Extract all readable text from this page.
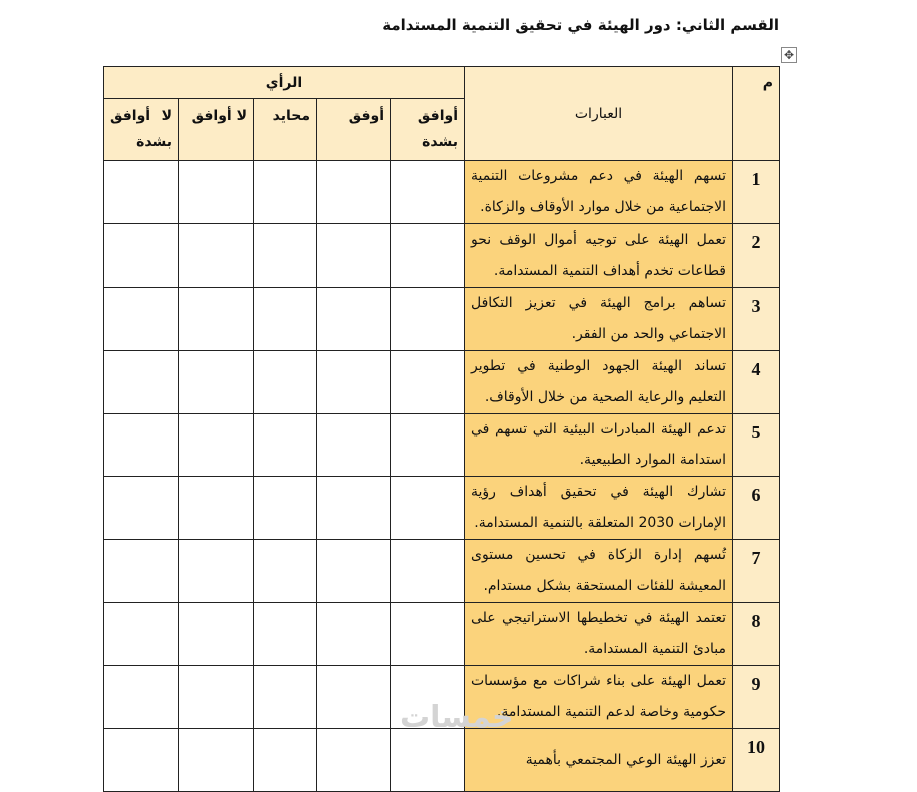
القسم الثاني: دور الهيئة في تحقيق التنمية المستدامة
✥
م	العبارات	الرأي				
		أوافق بشدة	أوفق	محايد	لا أوافق	لا أوافق بشدة
1	تسهم الهيئة في دعم مشروعات التنمية الاجتماعية من خلال موارد الأوقاف والزكاة.					
2	تعمل الهيئة على توجيه أموال الوقف نحو قطاعات تخدم أهداف التنمية المستدامة.					
3	تساهم برامج الهيئة في تعزيز التكافل الاجتماعي والحد من الفقر.					
4	تساند الهيئة الجهود الوطنية في تطوير التعليم والرعاية الصحية من خلال الأوقاف.					
5	تدعم الهيئة المبادرات البيئية التي تسهم في استدامة الموارد الطبيعية.					
6	تشارك الهيئة في تحقيق أهداف رؤية الإمارات 2030 المتعلقة بالتنمية المستدامة.					
7	تُسهم إدارة الزكاة في تحسين مستوى المعيشة للفئات المستحقة بشكل مستدام.					
8	تعتمد الهيئة في تخطيطها الاستراتيجي على مبادئ التنمية المستدامة.					
9	تعمل الهيئة على بناء شراكات مع مؤسسات حكومية وخاصة لدعم التنمية المستدامة.					
10	تعزز الهيئة الوعي المجتمعي بأهمية					
خمسات
